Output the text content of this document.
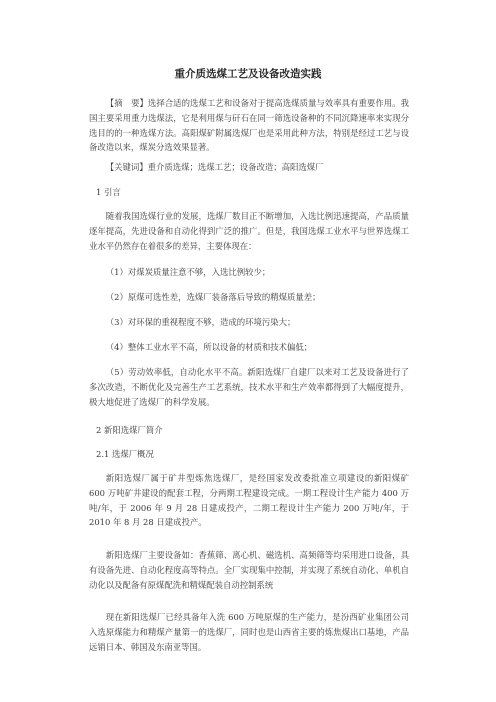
重介质选煤工艺及设备改造实践
【摘　要】选择合适的选煤工艺和设备对于提高选煤质量与效率具有重要作用。我国主要采用重力选煤法，它是利用煤与矸石在同一筛选设备种的不同沉降速率来实现分选目的的一种选煤方法。高阳煤矿附属选煤厂也是采用此种方法，特别是经过工艺与设备改造以来，煤炭分选效果显著。
【关键词】重介质选煤；选煤工艺；设备改造；高阳选煤厂
1 引言
随着我国选煤行业的发展，选煤厂数目正不断增加，入选比例迅速提高，产品质量逐年提高，先进设备和自动化得到广泛的推广。但是，我国选煤工业水平与世界选煤工业水平仍然存在着很多的差异，主要体现在：
（1）对煤炭质量注意不够，入选比例较少；
（2）原煤可选性差，选煤厂装备落后导致的精煤质量差；
（3）对环保的重视程度不够，造成的环境污染大；
（4）整体工业水平不高，所以设备的材质和技术偏低；
（5）劳动效率低，自动化水平不高。新阳选煤厂自建厂以来对工艺及设备进行了多次改造，不断优化及完善生产工艺系统，技术水平和生产效率都得到了大幅度提升，极大地促进了选煤厂的科学发展。
2 新阳选煤厂简介
2.1 选煤厂概况
新阳选煤厂属于矿井型炼焦选煤厂，是经国家发改委批准立项建设的新阳煤矿 600 万吨矿井建设的配套工程，分两期工程建设完成。一期工程设计生产能力 400 万吨/年，于 2006 年 9 月 28 日建成投产，二期工程设计生产能力 200 万吨/年，于 2010 年 8 月 28 日建成投产。
新阳选煤厂主要设备如：香蕉筛、离心机、磁选机、高频筛等均采用进口设备，具有设备先进、自动化程度高等特点。全厂实现集中控制，并实现了系统自动化、单机自动化以及配备有原煤配洗和精煤配装自动控制系统
现在新阳选煤厂已经具备年入洗 600 万吨原煤的生产能力，是汾西矿业集团公司入选原煤能力和精煤产量第一的选煤厂，同时也是山西省主要的炼焦煤出口基地，产品远销日本、韩国及东南亚等国。
